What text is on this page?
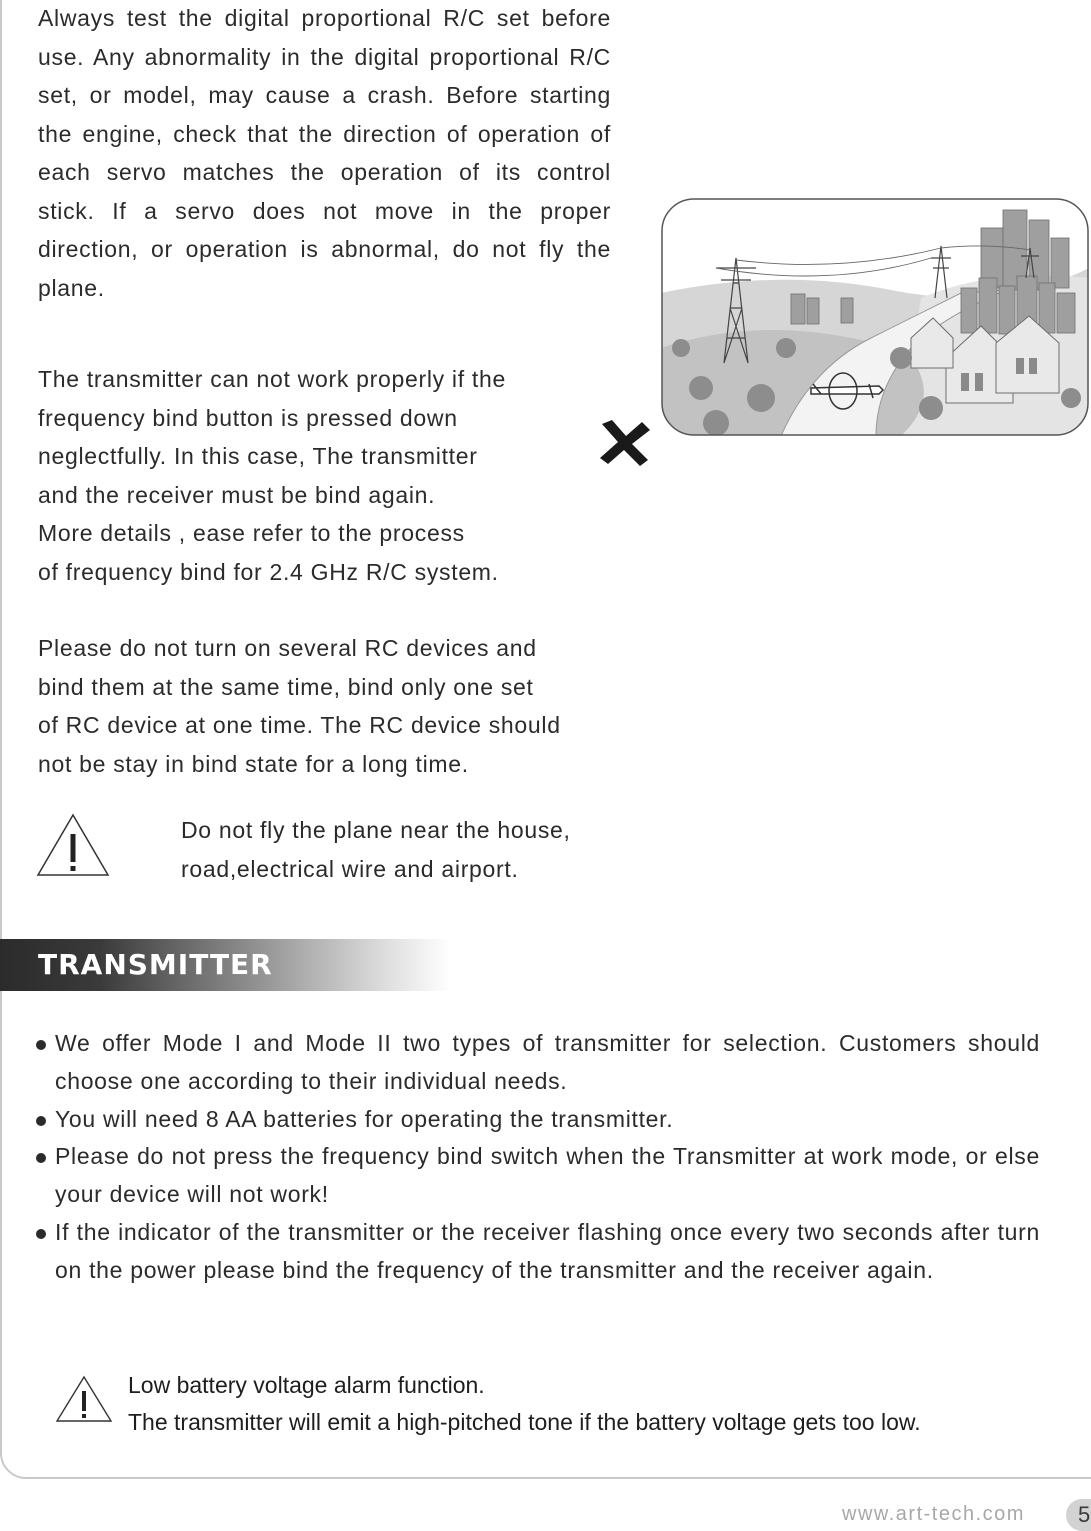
Always test the digital proportional R/C set before use. Any abnormality in the digital proportional R/C set, or model, may cause a crash. Before starting the engine, check that the direction of operation of each servo matches the operation of its control stick. If a servo does not move in the proper direction, or operation is abnormal, do not fly the plane.

The transmitter can not work properly if the
frequency bind button is pressed down
neglectfully. In this case, The transmitter
and the receiver must be bind again.
More details , ease refer to the process
of frequency bind for 2.4 GHz R/C system.

Please do not turn on several RC devices and
bind them at the same time, bind only one set
of RC device at one time. The RC device should
not be stay in bind state for a long time.

Do not fly the plane near the house,
road,electrical wire and airport.
TRANSMITTER
We offer Mode I and Mode II two types of transmitter for selection. Customers should choose one according to their individual needs.
You will need 8 AA batteries for operating the transmitter.
Please do not press the frequency bind switch when the Transmitter at work mode, or else your device will not work!
If the indicator of the transmitter or the receiver flashing once every two seconds after turn on the power please bind the frequency of the transmitter and the receiver again.
Low battery voltage alarm function.
The transmitter will emit a high-pitched tone if the battery voltage gets too low.
www.art-tech.com 5
